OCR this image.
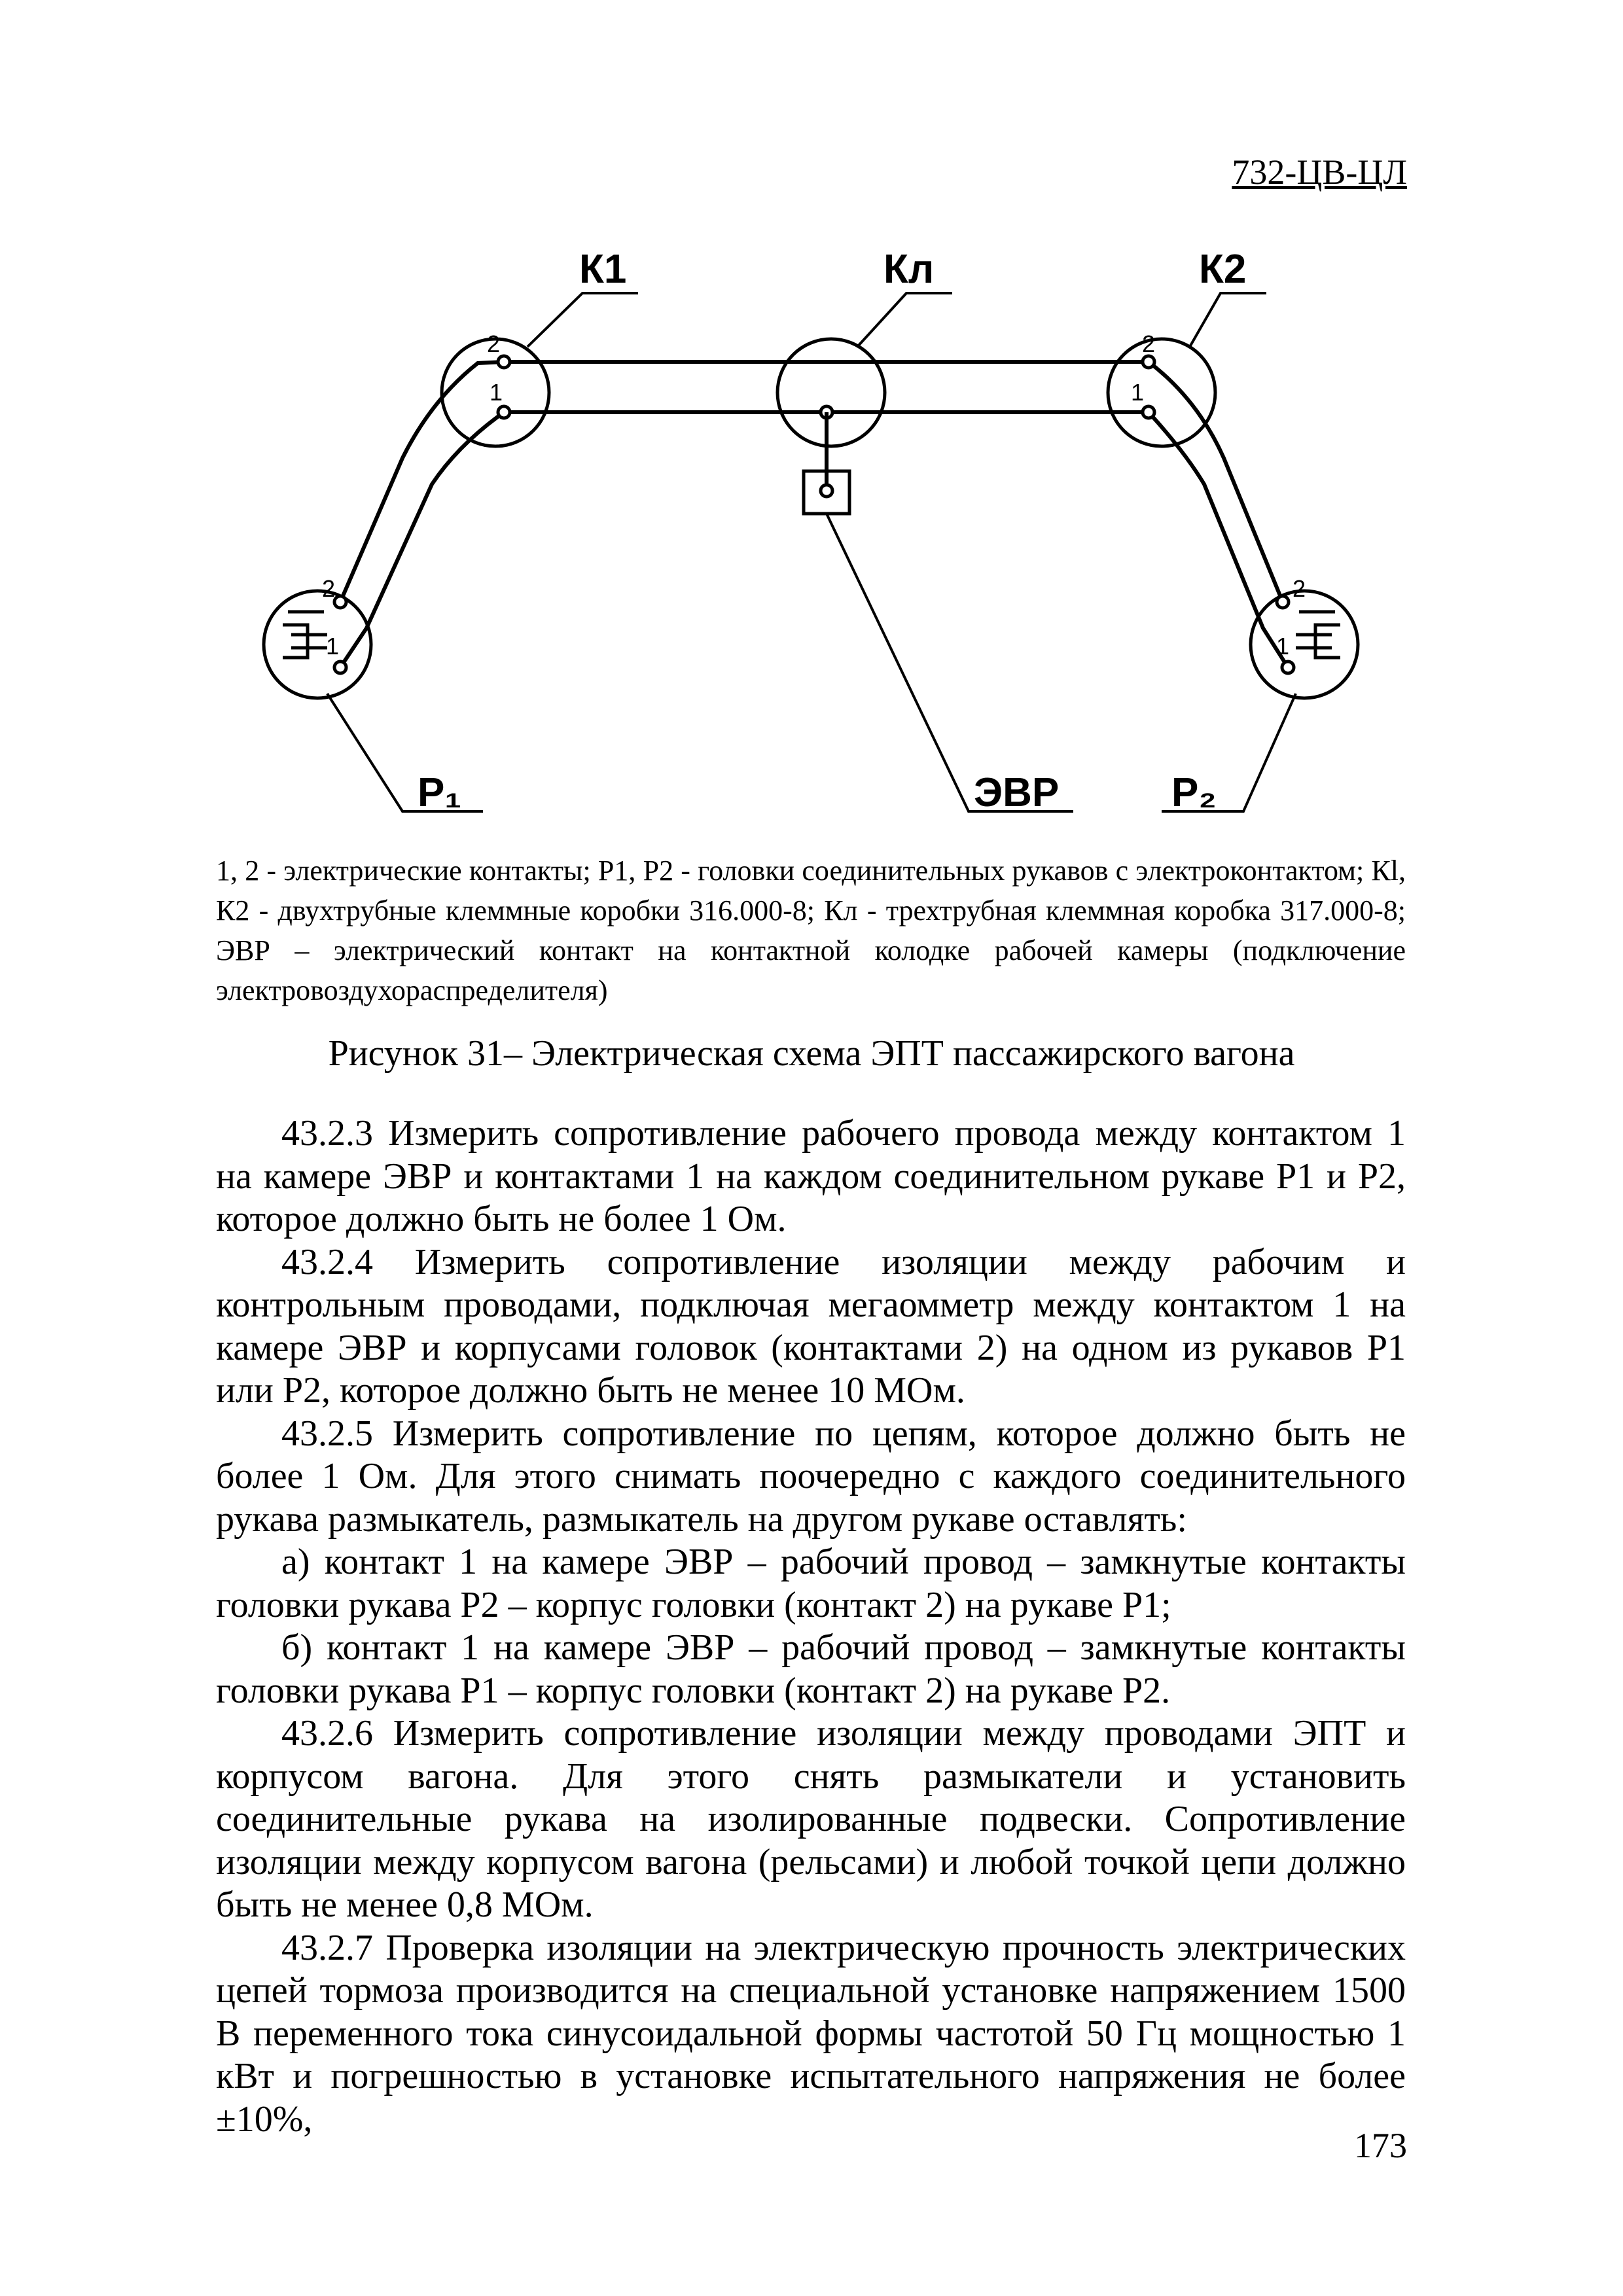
732-ЦВ-ЦЛ
2
1
2
1
2
1
2
1
К1	Кл	К2
Р₁	ЭВР	Р₂
1, 2 - электрические контакты; Р1, Р2 - головки соединительных рукавов с электроконтактом; Кl, К2 - двухтрубные клеммные коробки 316.000-8; Кл - трехтрубная клеммная коробка 317.000-8; ЭВР – электрический контакт на контактной колодке рабочей камеры (подключение электровоздухораспределителя)
Рисунок 31– Электрическая схема ЭПТ пассажирского вагона

43.2.3 Измерить сопротивление рабочего провода между контактом 1 на камере ЭВР и контактами 1 на каждом соединительном рукаве Р1 и Р2, которое должно быть не более 1 Ом.

43.2.4 Измерить сопротивление изоляции между рабочим и контрольным проводами, подключая мегаомметр между контактом 1 на камере ЭВР и корпусами головок (контактами 2) на одном из рукавов Р1 или Р2, которое должно быть не менее 10 МОм.

43.2.5 Измерить сопротивление по цепям, которое должно быть не более 1 Ом. Для этого снимать поочередно с каждого соединительного рукава размыкатель, размыкатель на другом рукаве оставлять:

а) контакт 1 на камере ЭВР – рабочий провод – замкнутые контакты головки рукава Р2 – корпус головки (контакт 2) на рукаве Р1;

б) контакт 1 на камере ЭВР – рабочий провод – замкнутые контакты головки рукава Р1 – корпус головки (контакт 2) на рукаве Р2.

43.2.6 Измерить сопротивление изоляции между проводами ЭПТ и корпусом вагона. Для этого снять размыкатели и установить соединительные рукава на изолированные подвески. Сопротивление изоляции между корпусом вагона (рельсами) и любой точкой цепи должно быть не менее 0,8 МОм.

43.2.7 Проверка изоляции на электрическую прочность электрических цепей тормоза производится на специальной установке напряжением 1500 В переменного тока синусоидальной формы частотой 50 Гц мощностью 1 кВт и погрешностью в установке испытательного напряжения не более ±10%,

173
